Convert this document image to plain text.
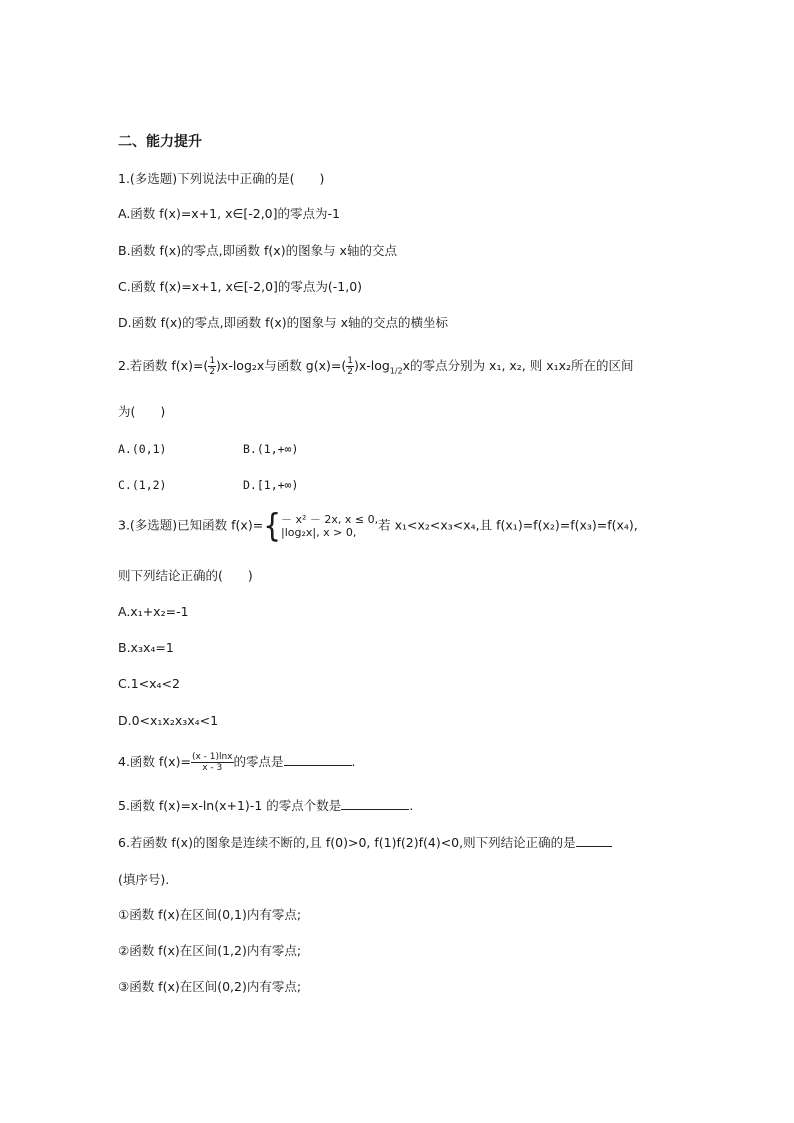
二、能力提升
1.(多选题)下列说法中正确的是(　　)
A.函数 f(x)=x+1, x∈[-2,0]的零点为-1
B.函数 f(x)的零点,即函数 f(x)的图象与 x轴的交点
C.函数 f(x)=x+1, x∈[-2,0]的零点为(-1,0)
D.函数 f(x)的零点,即函数 f(x)的图象与 x轴的交点的横坐标
2.若函数 $f(x)=( \frac{1}{2} )x-\log_2x$与函数 $g(x)=( \frac{1}{2} )x-\log_{1/2}x$的零点分别为 x₁, x₂, 则 x₁x₂所在的区间
为(　　)
A.(0,1)	B.(1,+∞)
C.(1,2)	D.[1,+∞)
3.(多选题)已知函数 f(x)={ － x² － 2x, x ≤ 0,
|log₂x|, x > 0,	若 x₁<x₂<x₃<x₄,且 f(x₁)=f(x₂)=f(x₃)=f(x₄),
则下列结论正确的(　　)
A.x₁+x₂=-1
B.x₃x₄=1
C.1<x₄<2
D.0<x₁x₂x₃x₄<1
4.函数 $f(x)= \frac{(x - 1)\ln x}{x - 3}$ 的零点是	.
5.函数 f(x)=x-ln(x+1)-1 的零点个数是	.
6.若函数 f(x)的图象是连续不断的,且 f(0)>0, f(1)f(2)f(4)<0,则下列结论正确的是
(填序号).
①函数 f(x)在区间(0,1)内有零点;
②函数 f(x)在区间(1,2)内有零点;
③函数 f(x)在区间(0,2)内有零点;
